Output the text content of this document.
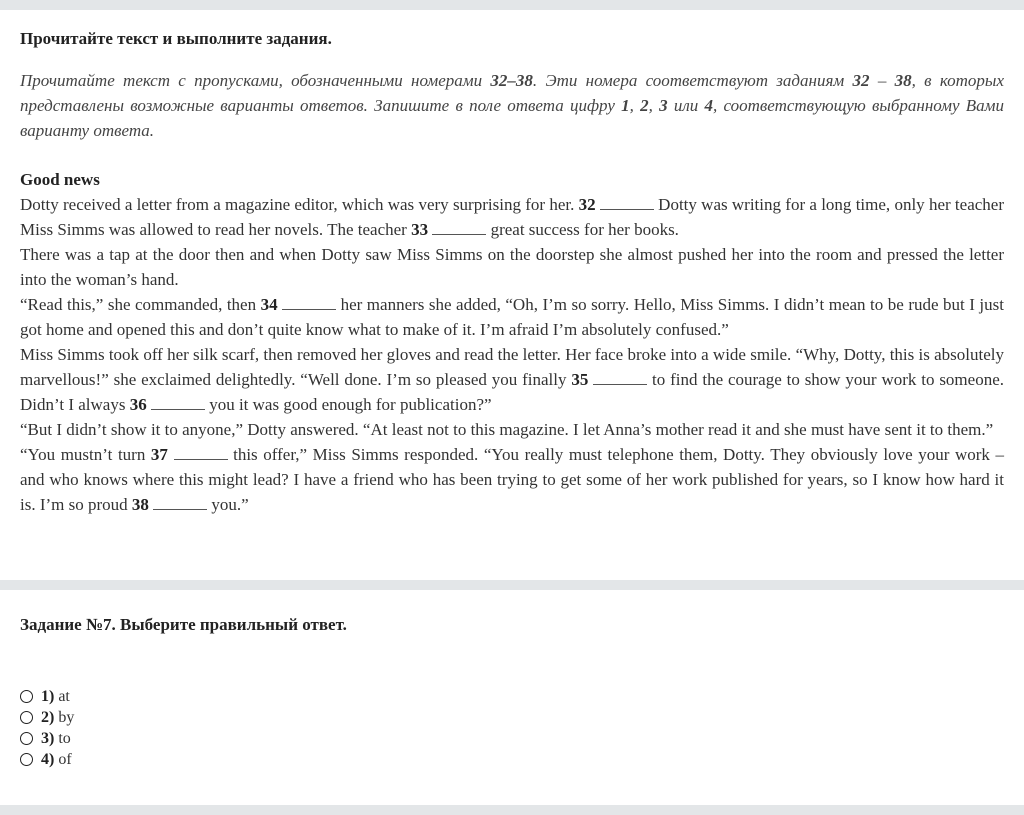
Прочитайте текст и выполните задания.
Прочитайте текст с пропусками, обозначенными номерами 32–38. Эти номера соответствуют заданиям 32 – 38, в которых представлены возможные варианты ответов. Запишите в поле ответа цифру 1, 2, 3 или 4, соответствующую выбранному Вами варианту ответа.
Good news

Dotty received a letter from a magazine editor, which was very surprising for her. 32	Dotty was writing for a long time, only her teacher Miss Simms was allowed to read her novels. The teacher 33	great success for her books.

There was a tap at the door then and when Dotty saw Miss Simms on the doorstep she almost pushed her into the room and pressed the letter into the woman’s hand.

“Read this,” she commanded, then 34	her manners she added, “Oh, I’m so sorry. Hello, Miss Simms. I didn’t mean to be rude but I just got home and opened this and don’t quite know what to make of it. I’m afraid I’m absolutely confused.”

Miss Simms took off her silk scarf, then removed her gloves and read the letter. Her face broke into a wide smile. “Why, Dotty, this is absolutely marvellous!” she exclaimed delightedly. “Well done. I’m so pleased you finally 35	to find the courage to show your work to someone. Didn’t I always 36	you it was good enough for publication?”

“But I didn’t show it to anyone,” Dotty answered. “At least not to this magazine. I let Anna’s mother read it and she must have sent it to them.”

“You mustn’t turn 37	this offer,” Miss Simms responded. “You really must telephone them, Dotty. They obviously love your work – and who knows where this might lead? I have a friend who has been trying to get some of her work published for years, so I know how hard it is. I’m so proud 38	you.”

Задание №7. Выберите правильный ответ.
1) at
2) by
3) to
4) of
